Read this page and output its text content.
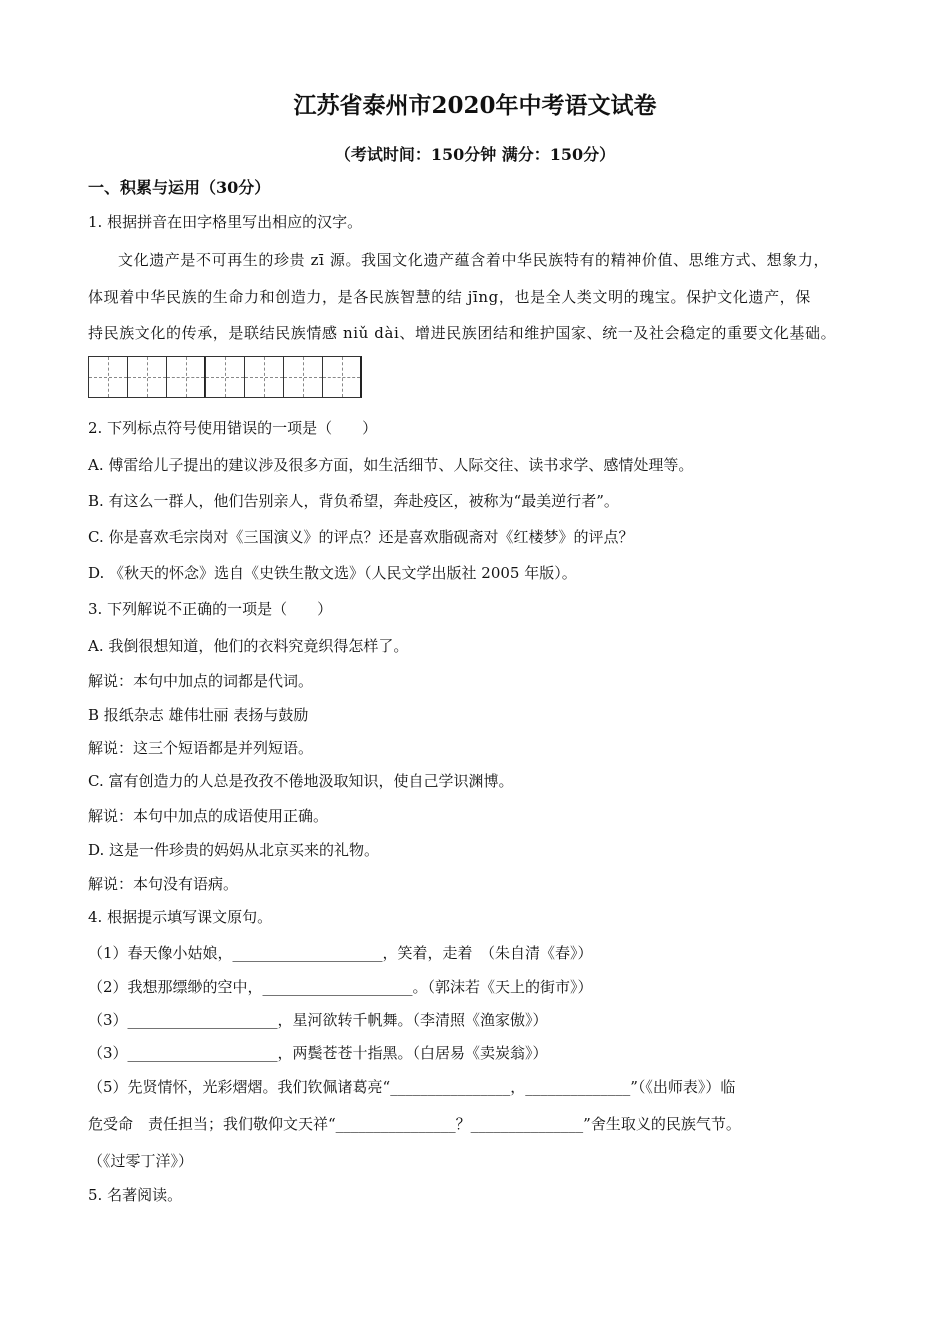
江苏省泰州市2020年中考语文试卷
（考试时间：150分钟 满分：150分）
一、积累与运用（30分）
1. 根据拼音在田字格里写出相应的汉字。
文化遗产是不可再生的珍贵 zī 源。我国文化遗产蕴含着中华民族特有的精神价值、思维方式、想象力，
体现着中华民族的生命力和创造力，是各民族智慧的结 jīng，也是全人类文明的瑰宝。保护文化遗产，保
持民族文化的传承，是联结民族情感 niǔ dài、增进民族团结和维护国家、统一及社会稳定的重要文化基础。
2. 下列标点符号使用错误的一项是（　　）
A. 傅雷给儿子提出的建议涉及很多方面，如生活细节、人际交往、读书求学、感情处理等。
B. 有这么一群人，他们告别亲人，背负希望，奔赴疫区，被称为“最美逆行者”。
C. 你是喜欢毛宗岗对《三国演义》的评点？还是喜欢脂砚斋对《红楼梦》的评点？
D. 《秋天的怀念》选自《史铁生散文选》（人民文学出版社 2005 年版）。
3. 下列解说不正确的一项是（　　）
A. 我倒很想知道，他们的衣料究竟织得怎样了。
解说：本句中加点的词都是代词。
B 报纸杂志 雄伟壮丽 表扬与鼓励
解说：这三个短语都是并列短语。
C. 富有创造力的人总是孜孜不倦地汲取知识，使自己学识渊博。
解说：本句中加点的成语使用正确。
D. 这是一件珍贵的妈妈从北京买来的礼物。
解说：本句没有语病。
4. 根据提示填写课文原句。
（1）春天像小姑娘，____________________，笑着，走着　（朱自清《春》）
（2）我想那缥缈的空中，____________________。（郭沫若《天上的街市》）
（3）____________________，星河欲转千帆舞。（李清照《渔家傲》）
（3）____________________，两鬓苍苍十指黑。（白居易《卖炭翁》）
（5）先贤情怀，光彩熠熠。我们钦佩诸葛亮“________________，______________”（《出师表》）临
危受命　责任担当；我们敬仰文天祥“________________？_______________”舍生取义的民族气节。
（《过零丁洋》）
5. 名著阅读。
